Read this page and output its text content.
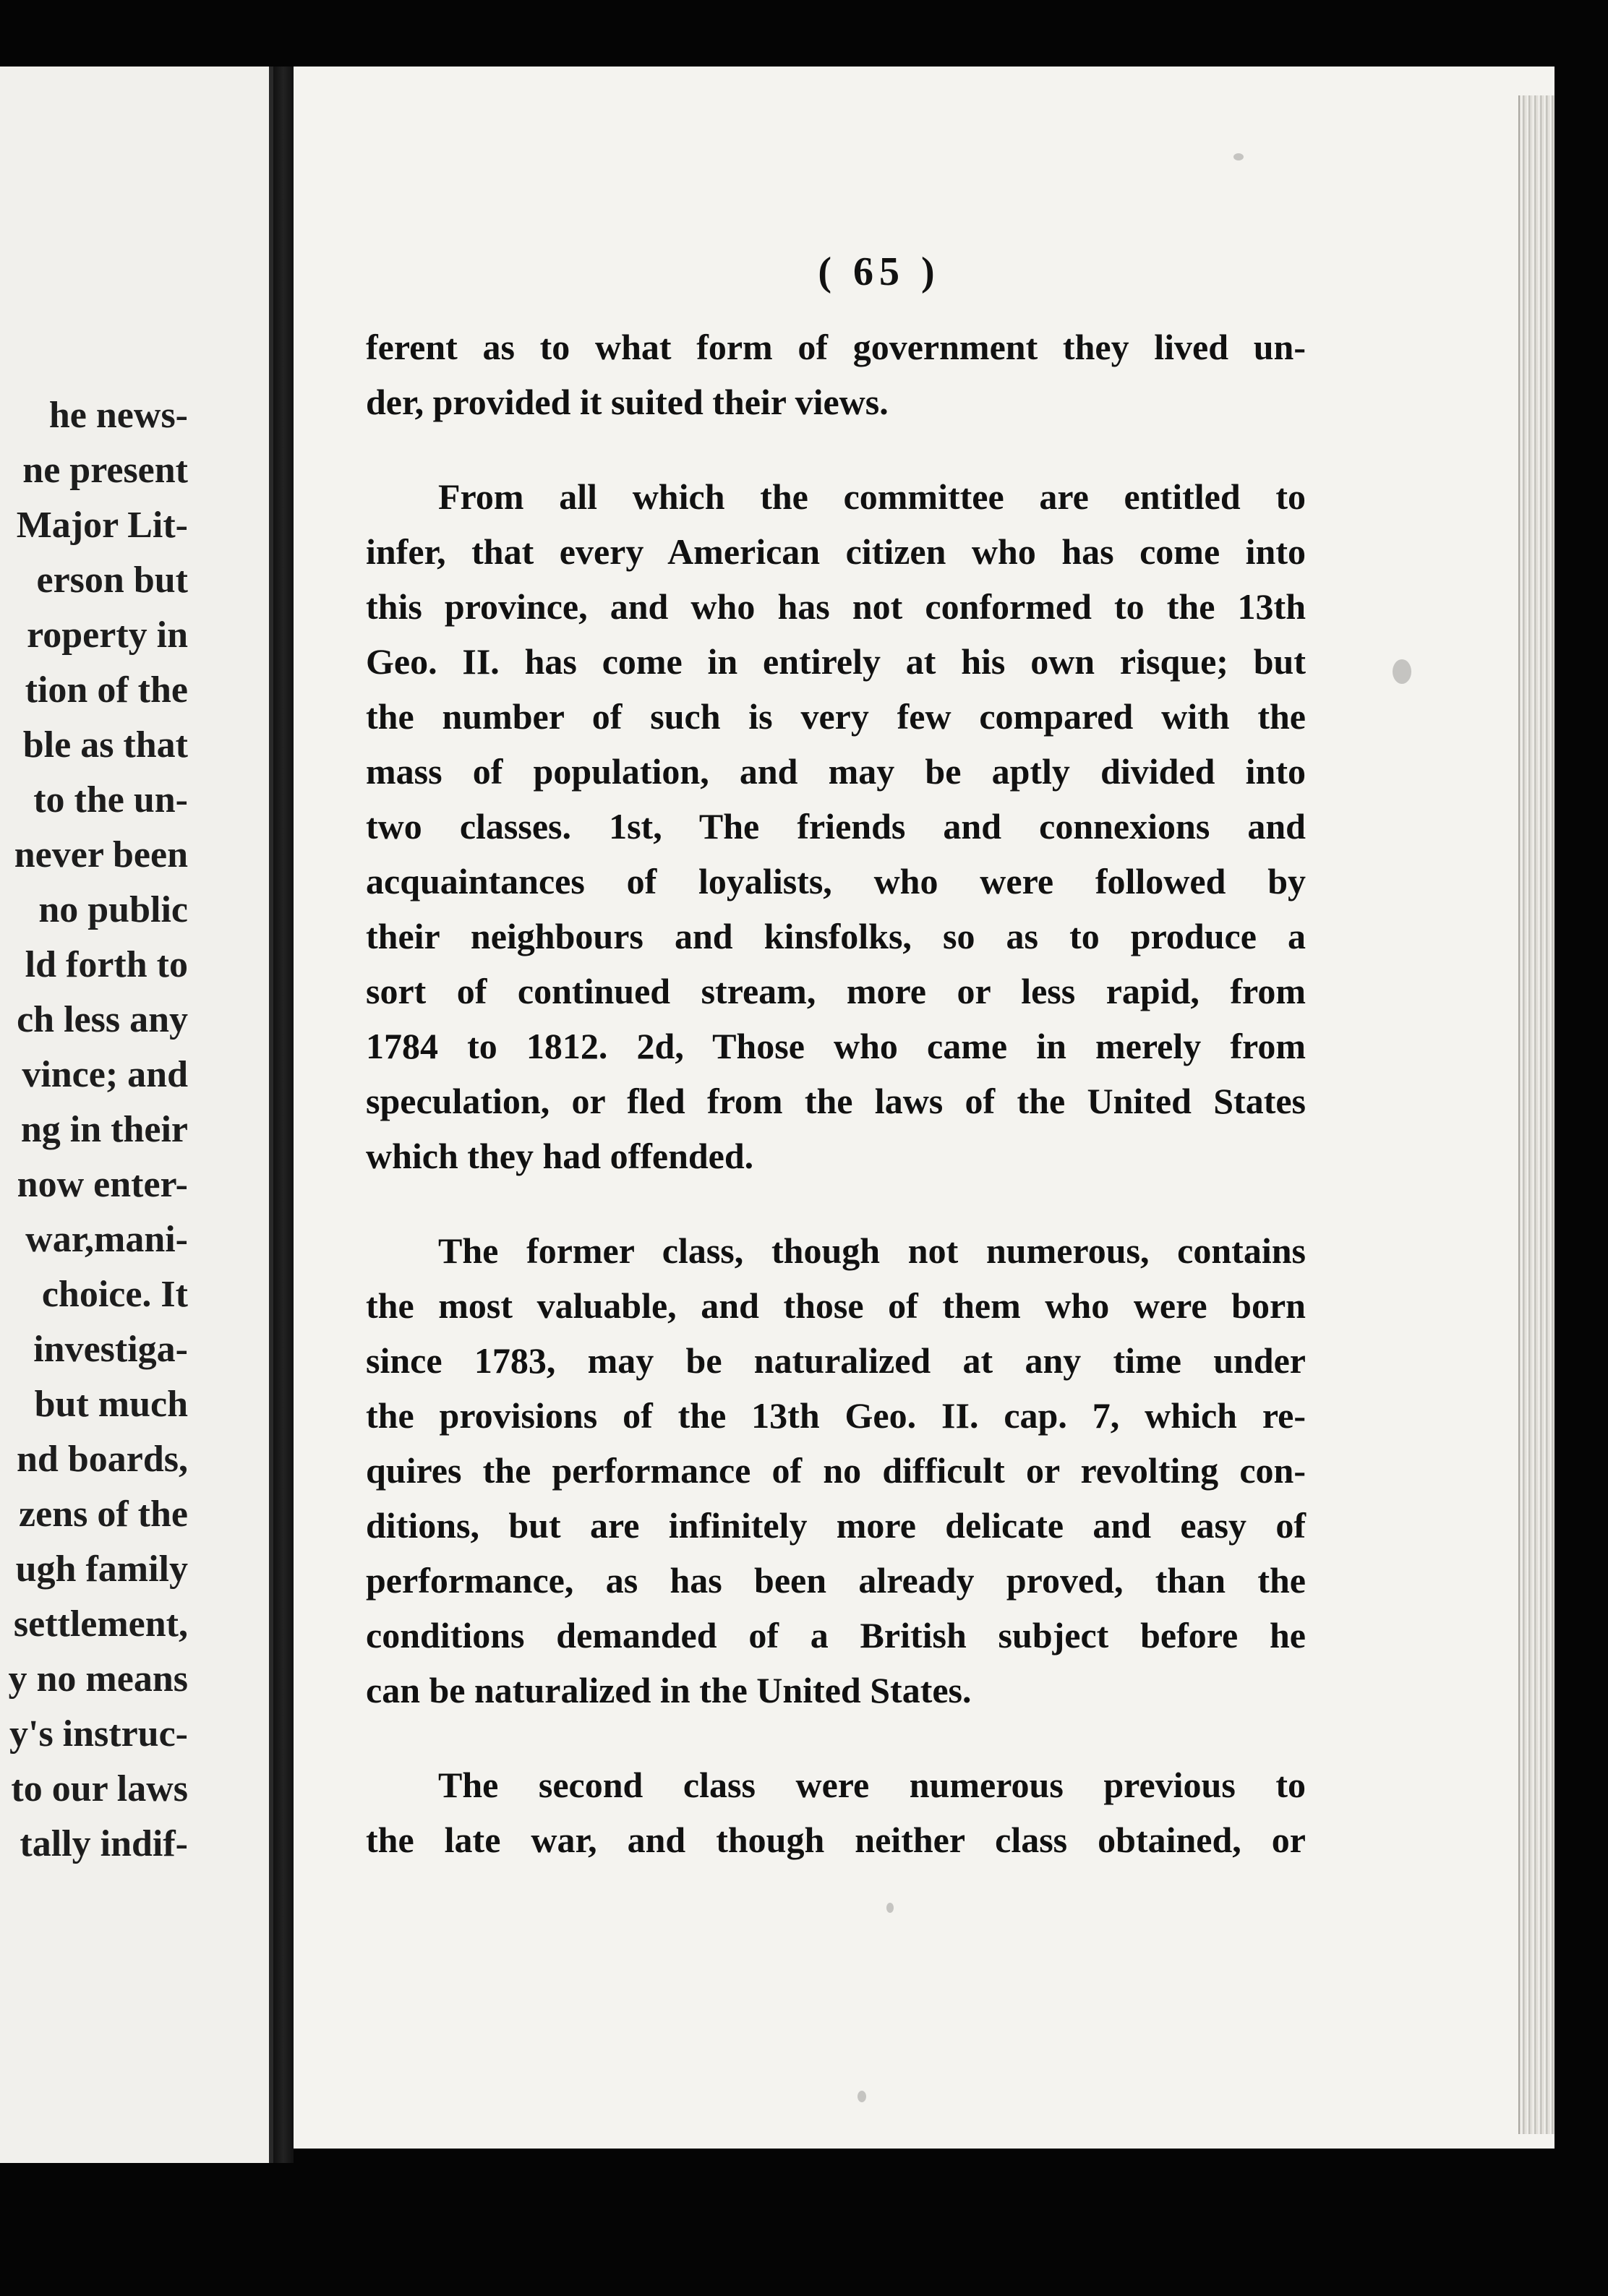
he news-
ne present
Major Lit-
erson but
roperty in
tion of the
ble as that
to the un-
never been
no public
ld forth to
ch less any
vince; and
ng in their
now enter-
war,mani-
choice. It
investiga-
but much
nd boards,
zens of the
ugh family
settlement,
y no means
y's instruc-
to our laws
tally indif-
( 65 )
ferent as to what form of government they lived un-
der, provided it suited their views.
From all which the committee are entitled to
infer, that every American citizen who has come into
this province, and who has not conformed to the 13th
Geo. II. has come in entirely at his own risque; but
the number of such is very few compared with the
mass of population, and may be aptly divided into
two classes. 1st, The friends and connexions and
acquaintances of loyalists, who were followed by
their neighbours and kinsfolks, so as to produce a
sort of continued stream, more or less rapid, from
1784 to 1812. 2d, Those who came in merely from
speculation, or fled from the laws of the United States
which they had offended.
The former class, though not numerous, contains
the most valuable, and those of them who were born
since 1783, may be naturalized at any time under
the provisions of the 13th Geo. II. cap. 7, which re-
quires the performance of no difficult or revolting con-
ditions, but are infinitely more delicate and easy of
performance, as has been already proved, than the
conditions demanded of a British subject before he
can be naturalized in the United States.
The second class were numerous previous to
the late war, and though neither class obtained, or
